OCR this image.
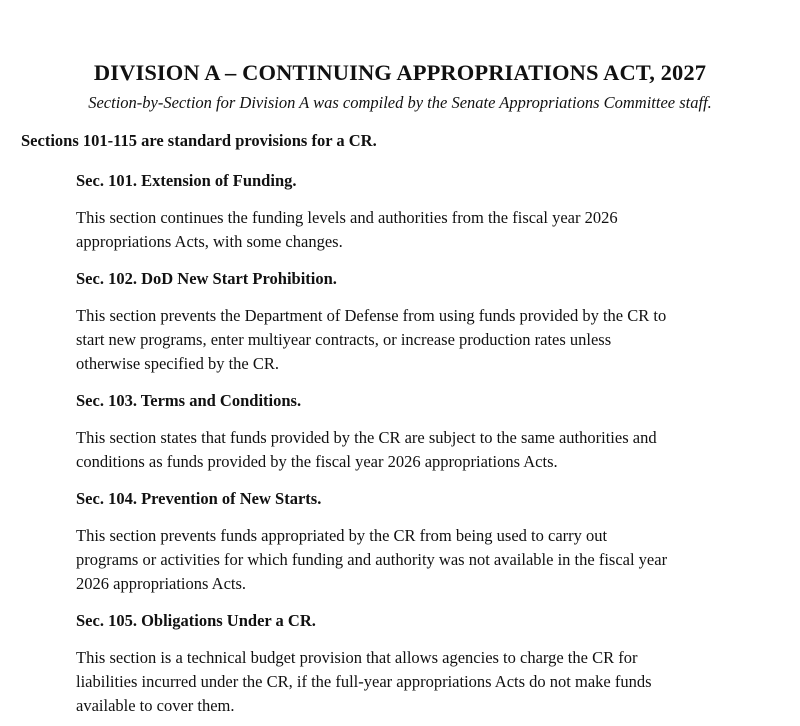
DIVISION A – CONTINUING APPROPRIATIONS ACT, 2027

Section-by-Section for Division A was compiled by the Senate Appropriations Committee staff.

Sections 101-115 are standard provisions for a CR.

Sec. 101. Extension of Funding.

This section continues the funding levels and authorities from the fiscal year 2026
appropriations Acts, with some changes.

Sec. 102. DoD New Start Prohibition.

This section prevents the Department of Defense from using funds provided by the CR to
start new programs, enter multiyear contracts, or increase production rates unless
otherwise specified by the CR.

Sec. 103. Terms and Conditions.

This section states that funds provided by the CR are subject to the same authorities and
conditions as funds provided by the fiscal year 2026 appropriations Acts.

Sec. 104. Prevention of New Starts.

This section prevents funds appropriated by the CR from being used to carry out
programs or activities for which funding and authority was not available in the fiscal year
2026 appropriations Acts.

Sec. 105. Obligations Under a CR.

This section is a technical budget provision that allows agencies to charge the CR for
liabilities incurred under the CR, if the full-year appropriations Acts do not make funds
available to cover them.
